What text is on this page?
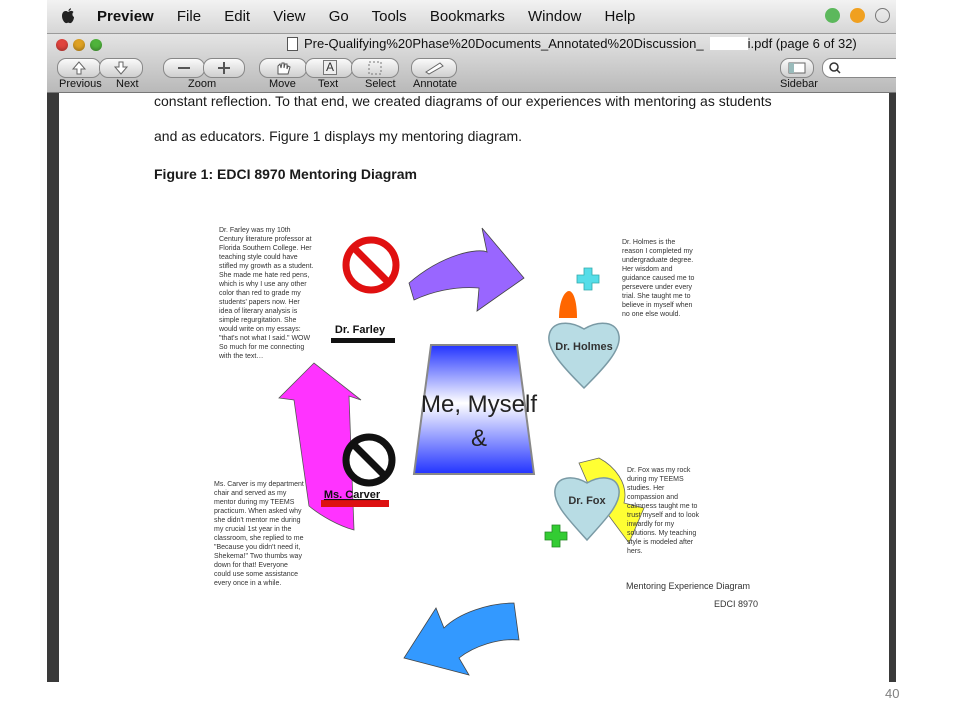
Preview File Edit View Go Tools Bookmarks Window Help
Pre-Qualifying%20Phase%20Documents_Annotated%20Discussion_	i.pdf (page 6 of 32)
A
Previous Next	Zoom	Move Text Select Annotate	Sidebar
constant reflection. To that end, we created diagrams of our experiences with mentoring as students
and as educators. Figure 1 displays my mentoring diagram.
Figure 1: EDCI 8970 Mentoring Diagram
Me, Myself
&
Dr. Farley
Ms. Carver
Dr. Holmes
Dr. Fox
Dr. Farley was my 10th
Century literature professor at
Florida Southern College. Her
teaching style could have
stifled my growth as a student.
She made me hate red pens,
which is why I use any other
color than red to grade my
students' papers now. Her
idea of literary analysis is
simple regurgitation. She
would write on my essays:
"that's not what I said." WOW
So much for me connecting
with the text…
Dr. Holmes is the
reason I completed my
undergraduate degree.
Her wisdom and
guidance caused me to
persevere under every
trial. She taught me to
believe in myself when
no one else would.
Dr. Fox was my rock
during my TEEMS
studies. Her
compassion and
calmness taught me to
trust myself and to look
inwardly for my
solutions. My teaching
style is modeled after
hers.
Ms. Carver is my department
chair and served as my
mentor during my TEEMS
practicum. When asked why
she didn't mentor me during
my crucial 1st year in the
classroom, she replied to me
"Because you didn't need it,
Shekema!" Two thumbs way
down for that! Everyone
could use some assistance
every once in a while.	Mentoring Experience Diagram
EDCI 8970
40
